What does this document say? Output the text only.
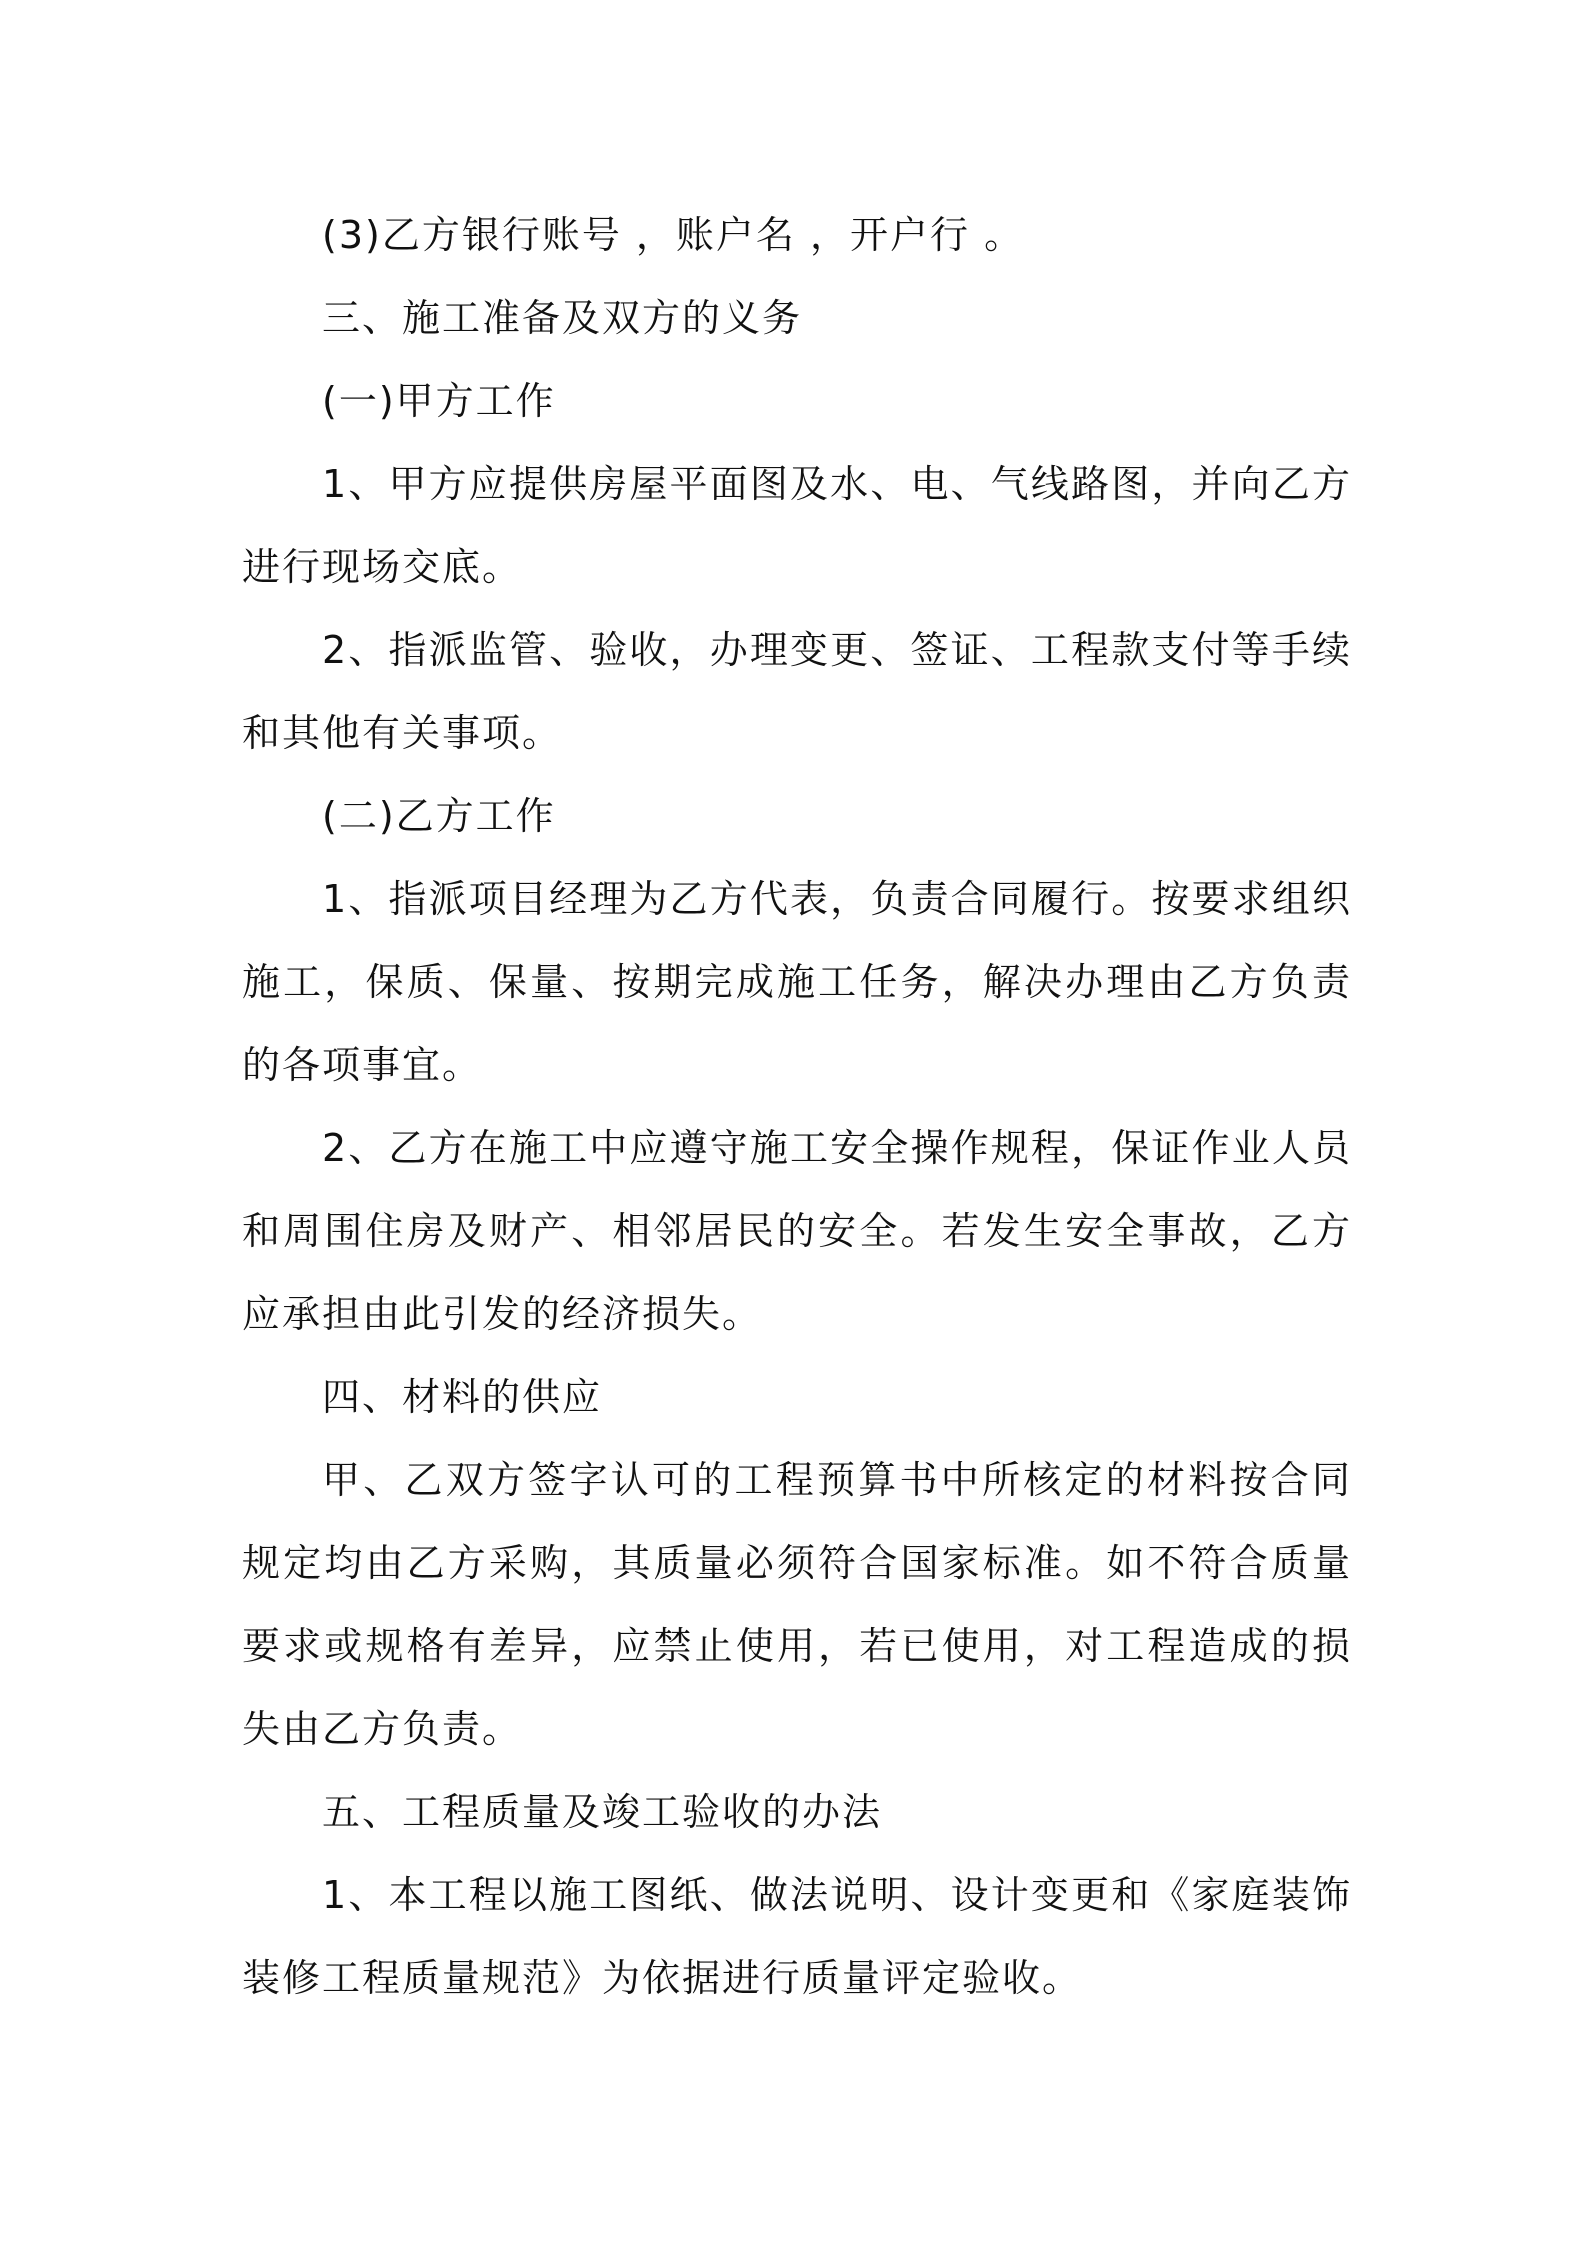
(3)乙方银行账号 ，账户名 ，开户行 。

三、施工准备及双方的义务

(一)甲方工作

1、甲方应提供房屋平面图及水、电、气线路图，并向乙方进行现场交底。

2、指派监管、验收，办理变更、签证、工程款支付等手续和其他有关事项。

(二)乙方工作

1、指派项目经理为乙方代表，负责合同履行。按要求组织施工，保质、保量、按期完成施工任务，解决办理由乙方负责的各项事宜。

2、乙方在施工中应遵守施工安全操作规程，保证作业人员和周围住房及财产、相邻居民的安全。若发生安全事故，乙方应承担由此引发的经济损失。

四、材料的供应

甲、乙双方签字认可的工程预算书中所核定的材料按合同规定均由乙方采购，其质量必须符合国家标准。如不符合质量要求或规格有差异，应禁止使用，若已使用，对工程造成的损失由乙方负责。

五、工程质量及竣工验收的办法

1、本工程以施工图纸、做法说明、设计变更和《家庭装饰装修工程质量规范》为依据进行质量评定验收。
